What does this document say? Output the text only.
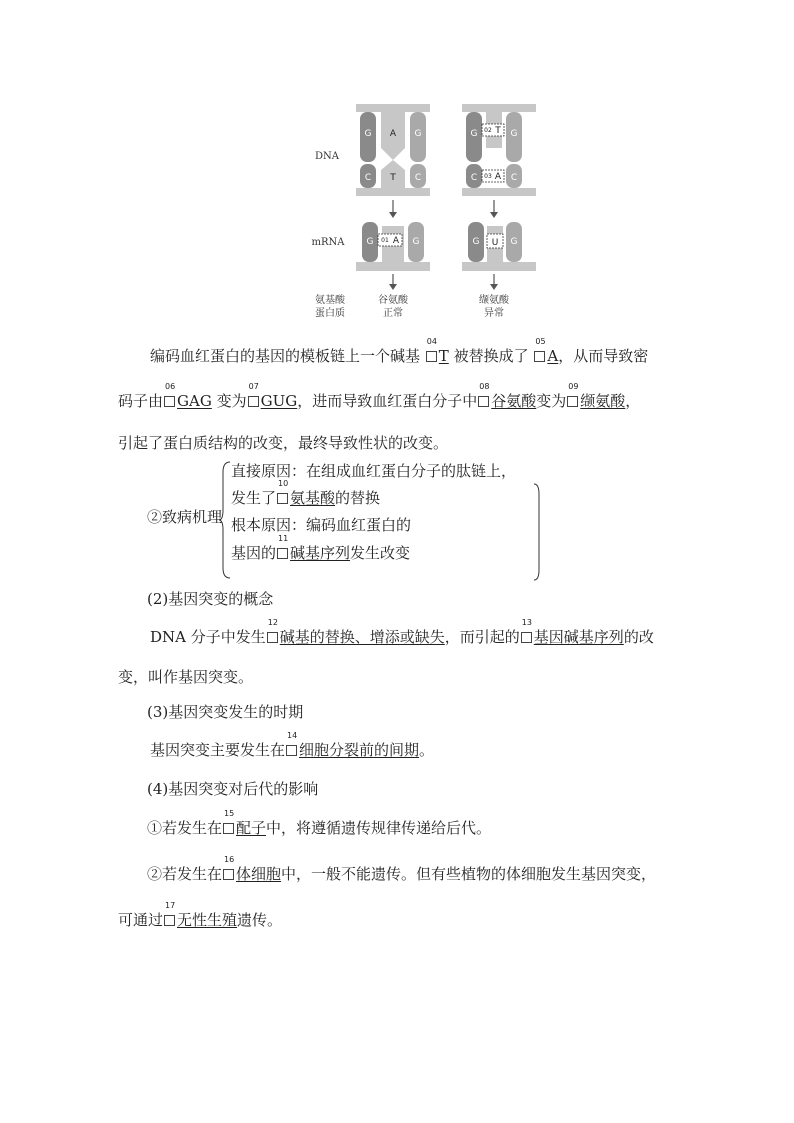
G A G
C T C
02 T
G	G
03 A
C	C
01 A
G	G	U
G	G
DNA
mRNA
氨基酸
蛋白质
谷氨酸
正常
缬氨酸
异常
编码血红蛋白的基因的模板链上一个碱基
04
T 被替换成了
05
A，从而导致密
码子由
06
GAG 变为
07
GUG，进而导致血红蛋白分子中
08
谷氨酸变为
09
缬氨酸，
引起了蛋白质结构的改变，最终导致性状的改变。
②致病机理
直接原因：在组成血红蛋白分子的肽链上，
发生了
10
氨基酸的替换
根本原因：编码血红蛋白的
基因的
11
碱基序列发生改变
(2)基因突变的概念
DNA 分子中发生
12
碱基的替换、增添或缺失，而引起的
13
基因碱基序列的改
变，叫作基因突变。
(3)基因突变发生的时期
基因突变主要发生在
14
细胞分裂前的间期。
(4)基因突变对后代的影响
①若发生在
15
配子中，将遵循遗传规律传递给后代。
②若发生在
16
体细胞中，一般不能遗传。但有些植物的体细胞发生基因突变，
可通过
17
无性生殖遗传。
